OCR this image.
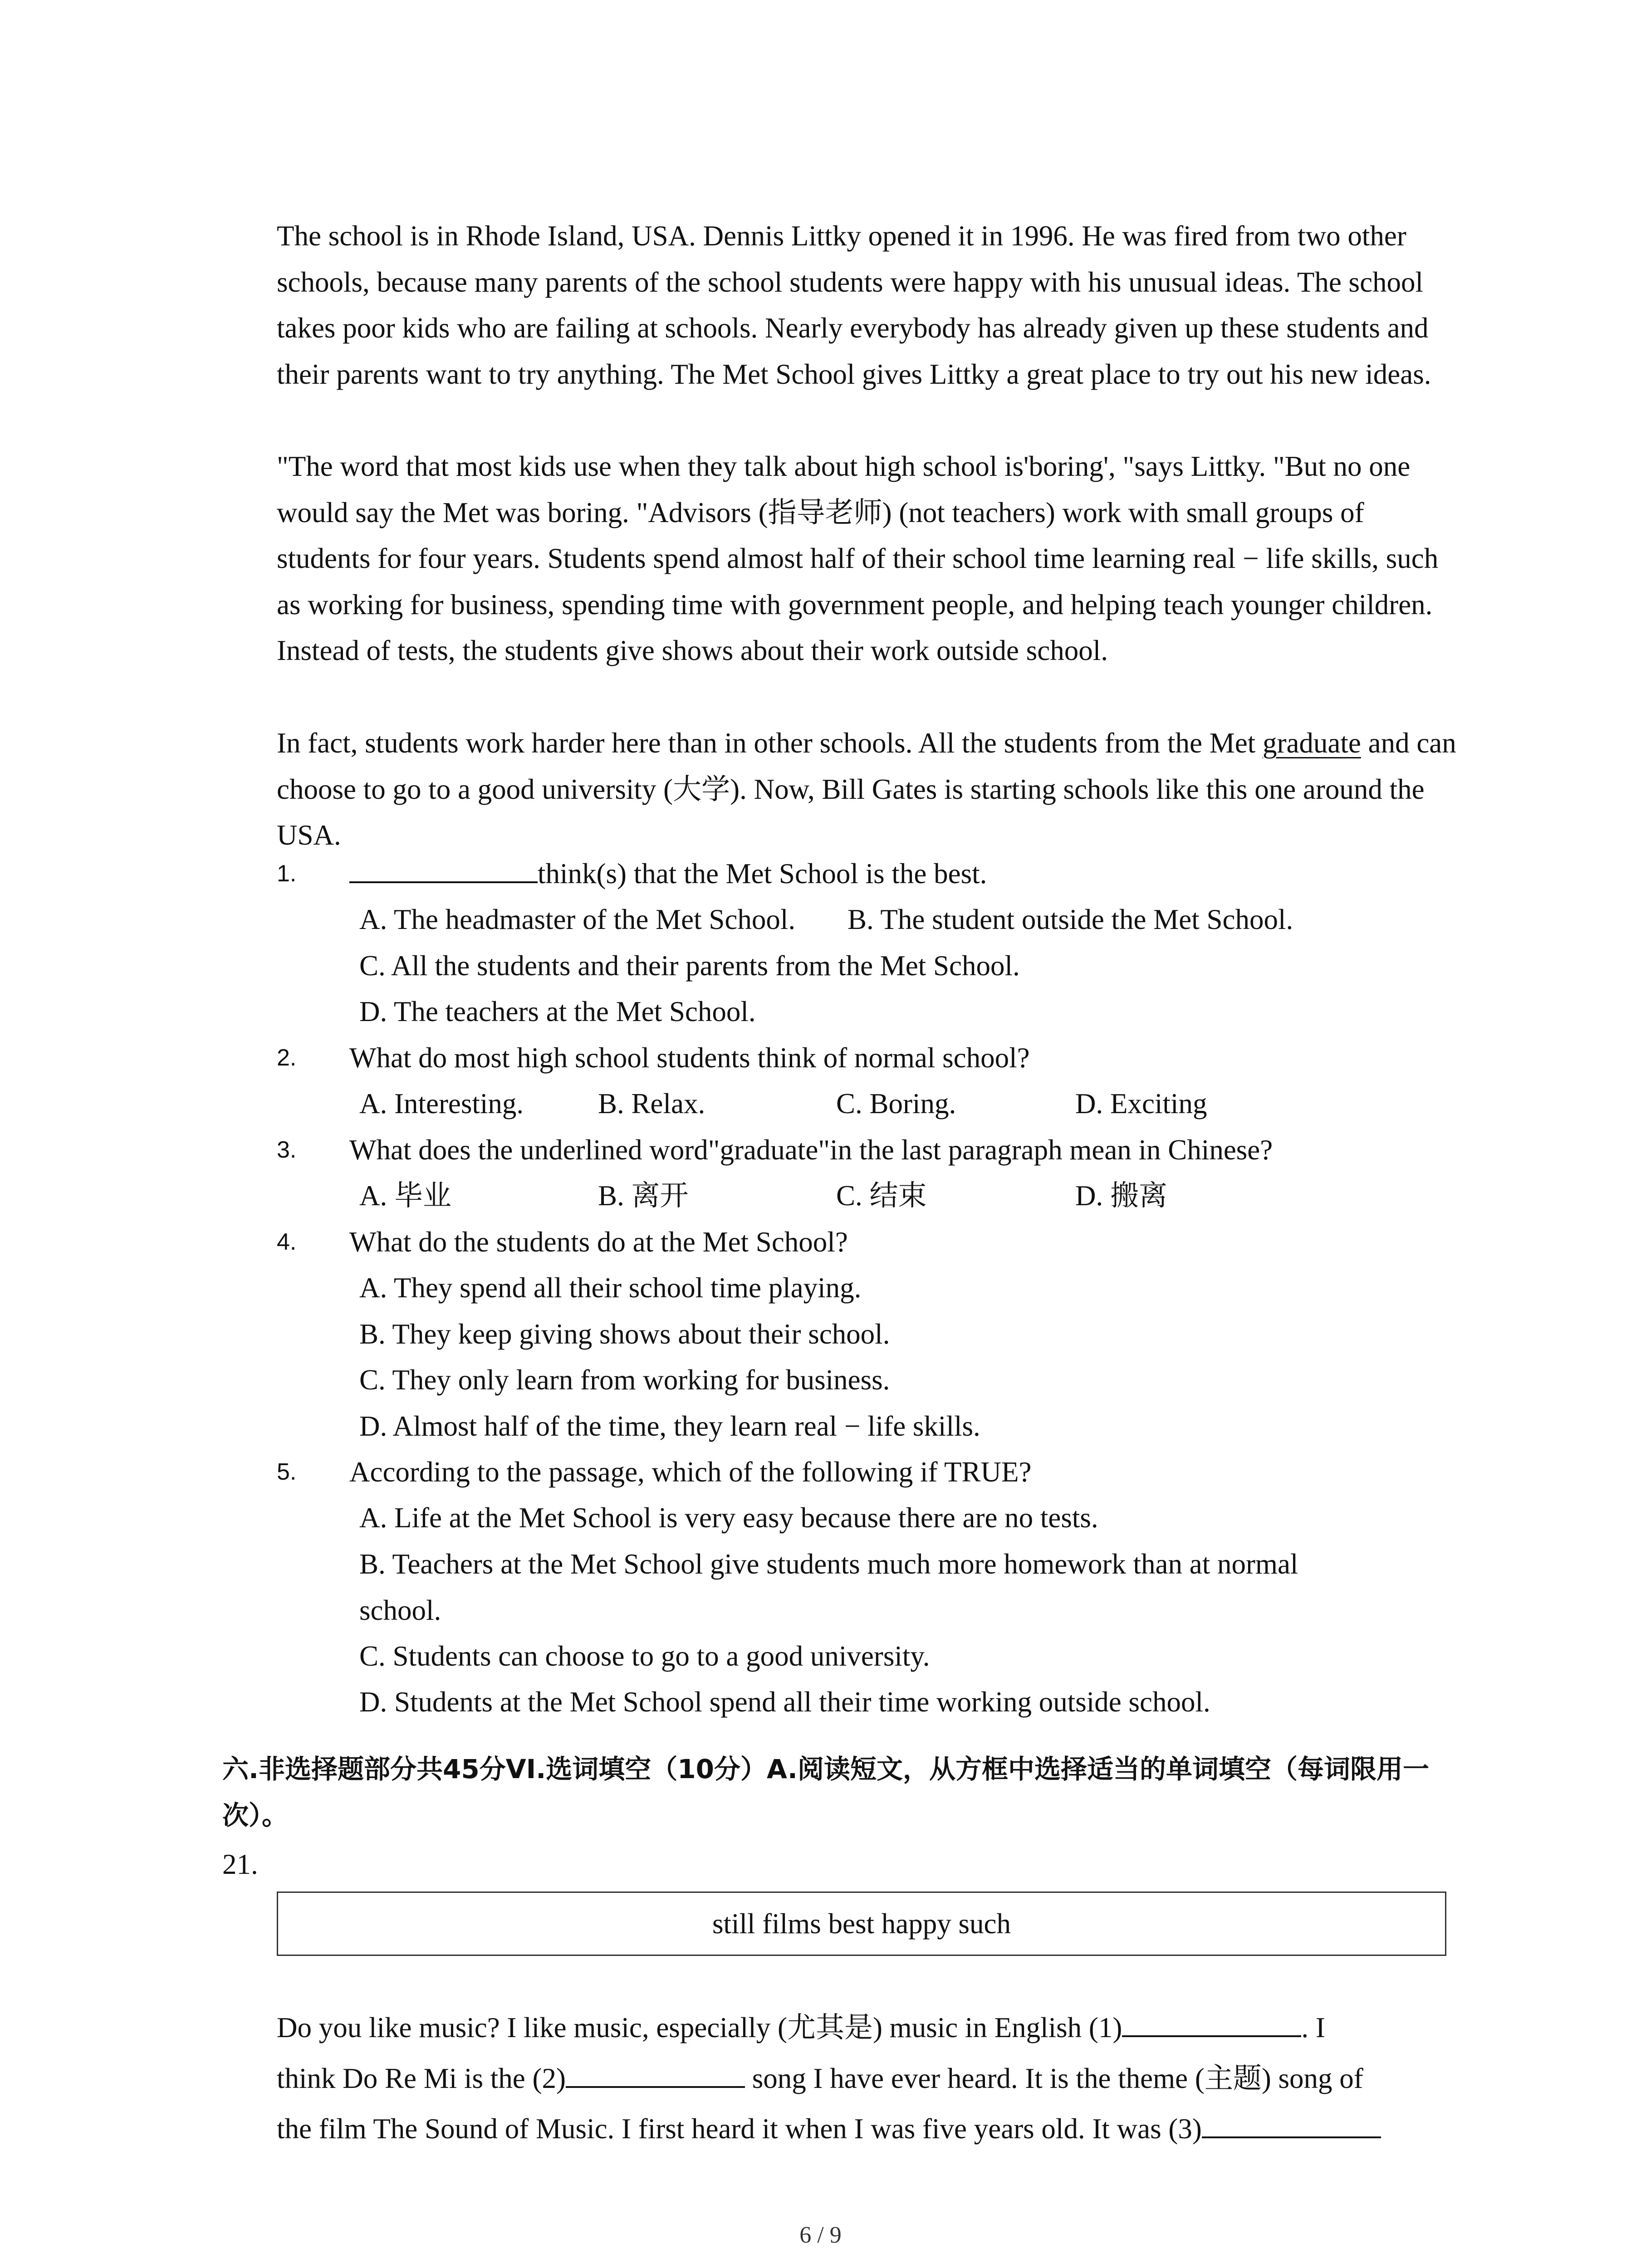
The school is in Rhode Island, USA. Dennis Littky opened it in 1996. He was fired from two other schools, because many parents of the school students were happy with his unusual ideas. The school takes poor kids who are failing at schools. Nearly everybody has already given up these students and their parents want to try anything. The Met School gives Littky a great place to try out his new ideas.

"The word that most kids use when they talk about high school is'boring', "says Littky. "But no one would say the Met was boring. "Advisors (指导老师) (not teachers) work with small groups of students for four years. Students spend almost half of their school time learning real − life skills, such as working for business, spending time with government people, and helping teach younger children. Instead of tests, the students give shows about their work outside school.

In fact, students work harder here than in other schools. All the students from the Met graduate and can choose to go to a good university (大学). Now, Bill Gates is starting schools like this one around the USA.

1.	think(s) that the Met School is the best.
A. The headmaster of the Met School. B. The student outside the Met School.
C. All the students and their parents from the Met School.
D. The teachers at the Met School.
2. What do most high school students think of normal school?
A. Interesting.	B. Relax.	C. Boring.	D. Exciting
3. What does the underlined word"graduate"in the last paragraph mean in Chinese?
A. 毕业	B. 离开	C. 结束	D. 搬离
4. What do the students do at the Met School?
A. They spend all their school time playing.
B. They keep giving shows about their school.
C. They only learn from working for business.
D. Almost half of the time, they learn real − life skills.
5. According to the passage, which of the following if TRUE?
A. Life at the Met School is very easy because there are no tests.
B. Teachers at the Met School give students much more homework than at normal school.
C. Students can choose to go to a good university.
D. Students at the Met School spend all their time working outside school.

六.非选择题部分共45分VI.选词填空（10分）A.阅读短文，从方框中选择适当的单词填空（每词限用一次）。

21.
still films best happy such
Do you like music? I like music, especially (尤其是) music in English (1)	. I
think Do Re Mi is the (2)	song I have ever heard. It is the theme (主题) song of
the film The Sound of Music. I first heard it when I was five years old. It was (3)
6 / 9
